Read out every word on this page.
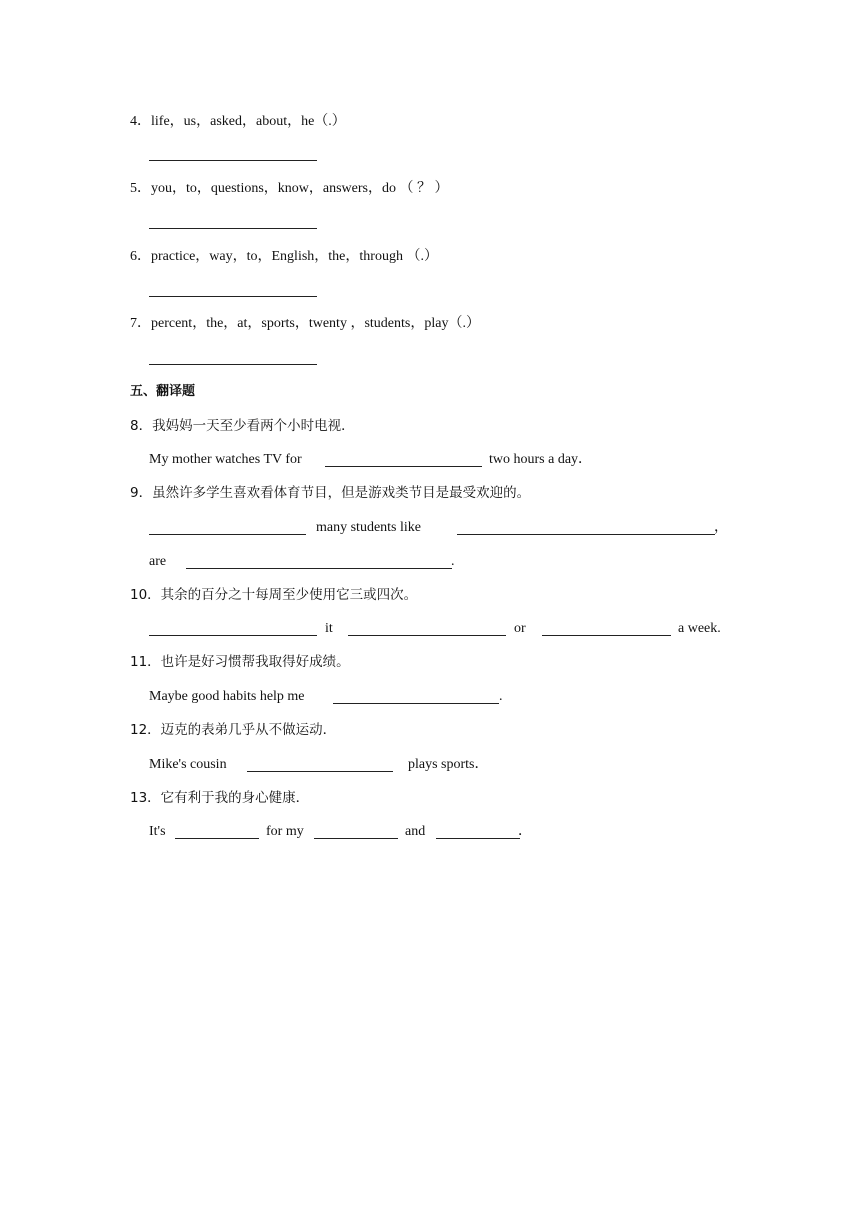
4．life，us，asked，about，he（.）
5．you，to，questions，know，answers，do （ ？ ）
6．practice，way，to，English，the，through （.）
7．percent，the，at，sports，twenty ，students，play（.）
五、翻译题
8．我妈妈一天至少看两个小时电视．
My mother watches TV for	two hours a day．
9．虽然许多学生喜欢看体育节目，但是游戏类节目是最受欢迎的。
many students like	，
are	.
10．其余的百分之十每周至少使用它三或四次。
it	or	a week.
11．也许是好习惯帮我取得好成绩。
Maybe good habits help me	.
12．迈克的表弟几乎从不做运动．
Mike's cousin	plays sports．
13．它有利于我的身心健康．
It's	for my	and	．
